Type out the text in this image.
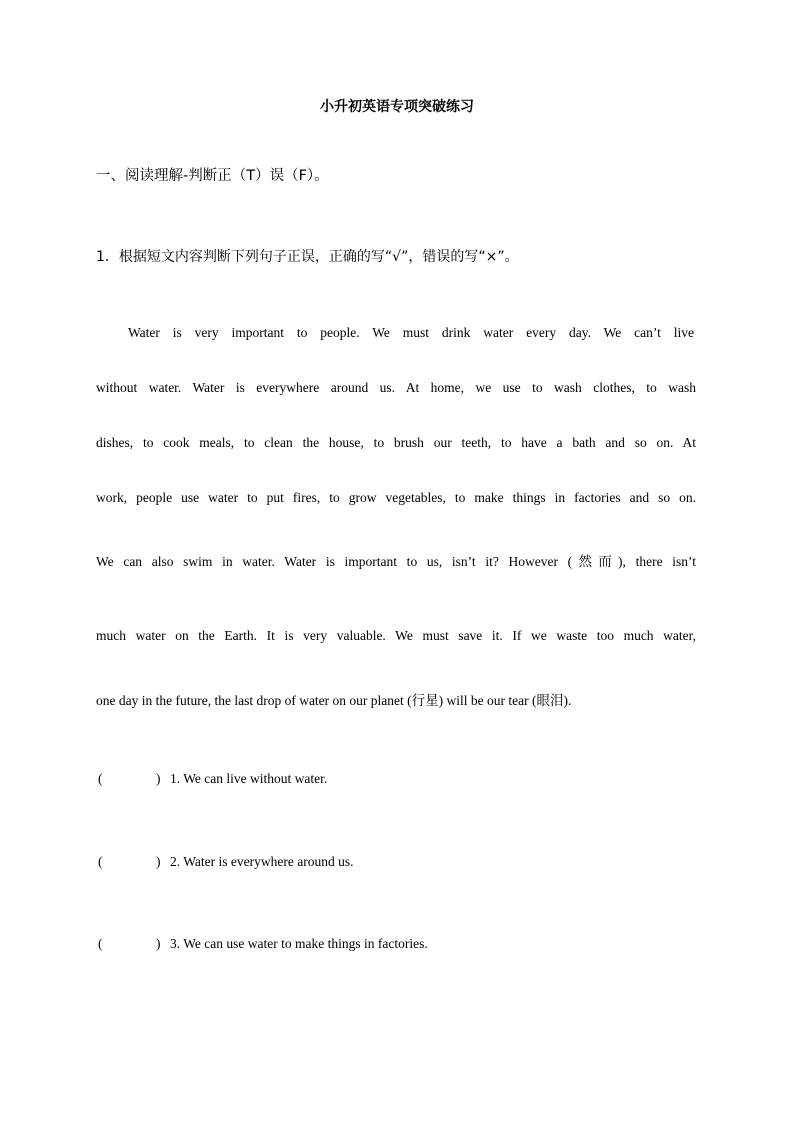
小升初英语专项突破练习
一、阅读理解-判断正（T）误（F）。
1．根据短文内容判断下列句子正误，正确的写“√”，错误的写“×”。
Water is very important to people. We must drink water every day. We can’t live
without water. Water is everywhere around us. At home, we use to wash clothes, to wash
dishes, to cook meals, to clean the house, to brush our teeth, to have a bath and so on. At
work, people use water to put fires, to grow vegetables, to make things in factories and so on.
We can also swim in water. Water is important to us, isn’t it? However (然而), there isn’t
much water on the Earth. It is very valuable. We must save it. If we waste too much water,
one day in the future, the last drop of water on our planet (行星) will be our tear (眼泪).
(	) 1. We can live without water.
(	) 2. Water is everywhere around us.
(	) 3. We can use water to make things in factories.
